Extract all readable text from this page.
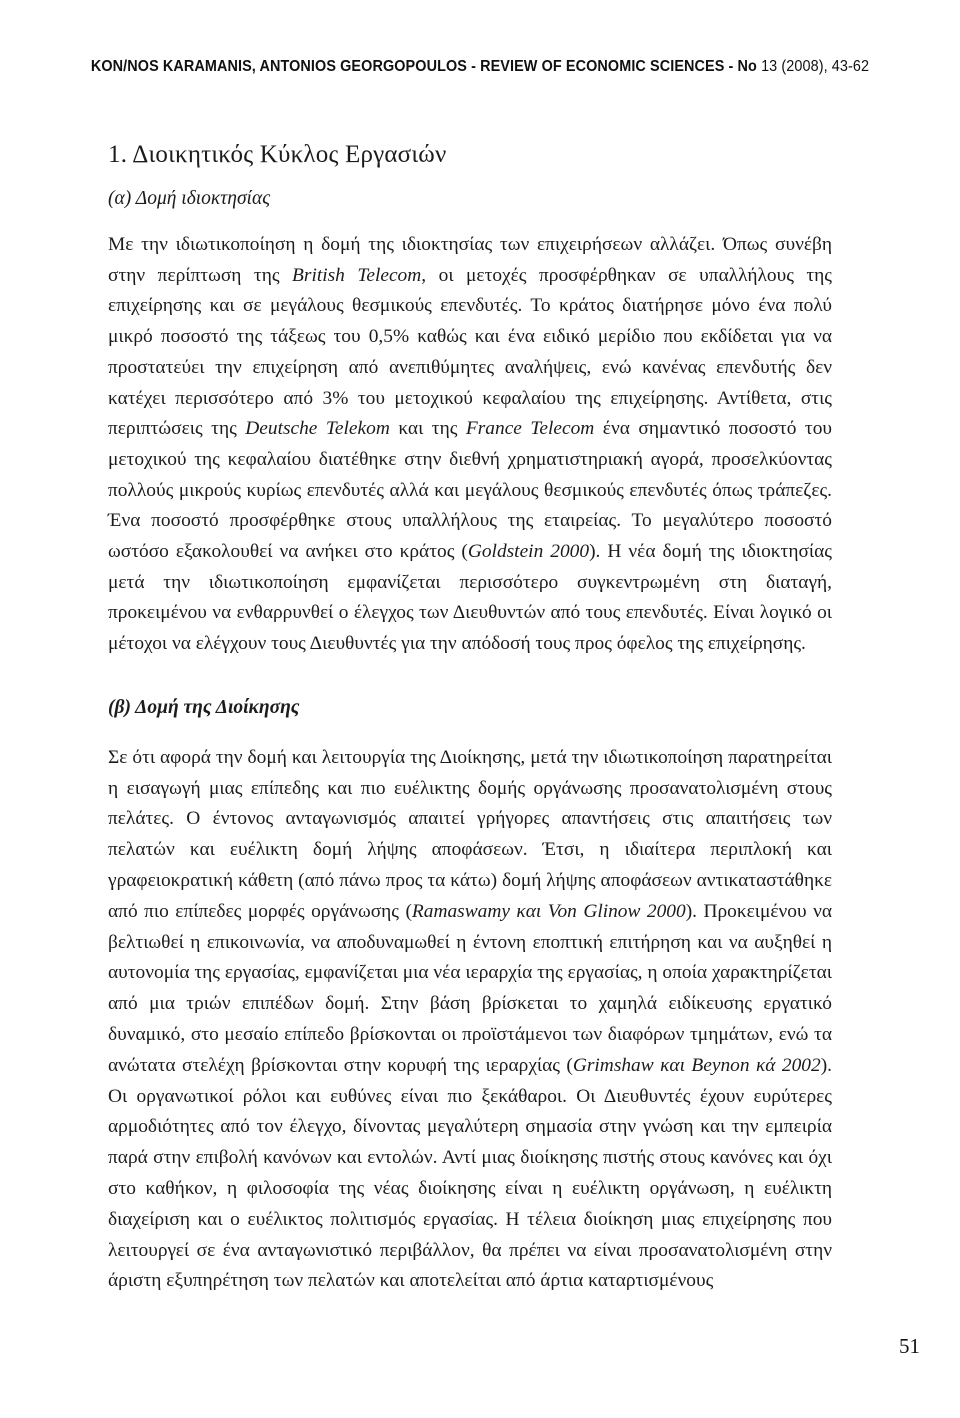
KON/NOS KARAMANIS, ANTONIOS GEORGOPOULOS - REVIEW OF ECONOMIC SCIENCES - No 13 (2008), 43-62
1. Διοικητικός Κύκλος Εργασιών
(α) Δομή ιδιοκτησίας

Με την ιδιωτικοποίηση η δομή της ιδιοκτησίας των επιχειρήσεων αλλάζει. Όπως συνέβη στην περίπτωση της British Telecom, οι μετοχές προσφέρθηκαν σε υπαλλήλους της επιχείρησης και σε μεγάλους θεσμικούς επενδυτές. Το κράτος διατήρησε μόνο ένα πολύ μικρό ποσοστό της τάξεως του 0,5% καθώς και ένα ειδικό μερίδιο που εκδίδεται για να προστατεύει την επιχείρηση από ανεπιθύμητες αναλήψεις, ενώ κανένας επενδυτής δεν κατέχει περισσότερο από 3% του μετοχικού κεφαλαίου της επιχείρησης. Αντίθετα, στις περιπτώσεις της Deutsche Telekom και της France Telecom ένα σημαντικό ποσοστό του μετοχικού της κεφαλαίου διατέθηκε στην διεθνή χρηματιστηριακή αγορά, προσελκύοντας πολλούς μικρούς κυρίως επενδυτές αλλά και μεγάλους θεσμικούς επενδυτές όπως τράπεζες. Ένα ποσοστό προσφέρθηκε στους υπαλλήλους της εταιρείας. Το μεγαλύτερο ποσοστό ωστόσο εξακολουθεί να ανήκει στο κράτος (Goldstein 2000). Η νέα δομή της ιδιοκτησίας μετά την ιδιωτικοποίηση εμφανίζεται περισσότερο συγκεντρωμένη στη διαταγή, προκειμένου να ενθαρρυνθεί ο έλεγχος των Διευθυντών από τους επενδυτές. Είναι λογικό οι μέτοχοι να ελέγχουν τους Διευθυντές για την απόδοσή τους προς όφελος της επιχείρησης.

(β) Δομή της Διοίκησης

Σε ότι αφορά την δομή και λειτουργία της Διοίκησης, μετά την ιδιωτικοποίηση παρατηρείται η εισαγωγή μιας επίπεδης και πιο ευέλικτης δομής οργάνωσης προσανατολισμένη στους πελάτες. Ο έντονος ανταγωνισμός απαιτεί γρήγορες απαντήσεις στις απαιτήσεις των πελατών και ευέλικτη δομή λήψης αποφάσεων. Έτσι, η ιδιαίτερα περιπλοκή και γραφειοκρατική κάθετη (από πάνω προς τα κάτω) δομή λήψης αποφάσεων αντικαταστάθηκε από πιο επίπεδες μορφές οργάνωσης (Ramaswamy και Von Glinow 2000). Προκειμένου να βελτιωθεί η επικοινωνία, να αποδυναμωθεί η έντονη εποπτική επιτήρηση και να αυξηθεί η αυτονομία της εργασίας, εμφανίζεται μια νέα ιεραρχία της εργασίας, η οποία χαρακτηρίζεται από μια τριών επιπέδων δομή. Στην βάση βρίσκεται το χαμηλά ειδίκευσης εργατικό δυναμικό, στο μεσαίο επίπεδο βρίσκονται οι προϊστάμενοι των διαφόρων τμημάτων, ενώ τα ανώτατα στελέχη βρίσκονται στην κορυφή της ιεραρχίας (Grimshaw και Beynon κά 2002). Οι οργανωτικοί ρόλοι και ευθύνες είναι πιο ξεκάθαροι. Οι Διευθυντές έχουν ευρύτερες αρμοδιότητες από τον έλεγχο, δίνοντας μεγαλύτερη σημασία στην γνώση και την εμπειρία παρά στην επιβολή κανόνων και εντολών. Αντί μιας διοίκησης πιστής στους κανόνες και όχι στο καθήκον, η φιλοσοφία της νέας διοίκησης είναι η ευέλικτη οργάνωση, η ευέλικτη διαχείριση και ο ευέλικτος πολιτισμός εργασίας. Η τέλεια διοίκηση μιας επιχείρησης που λειτουργεί σε ένα ανταγωνιστικό περιβάλλον, θα πρέπει να είναι προσανατολισμένη στην άριστη εξυπηρέτηση των πελατών και αποτελείται από άρτια καταρτισμένους

51
